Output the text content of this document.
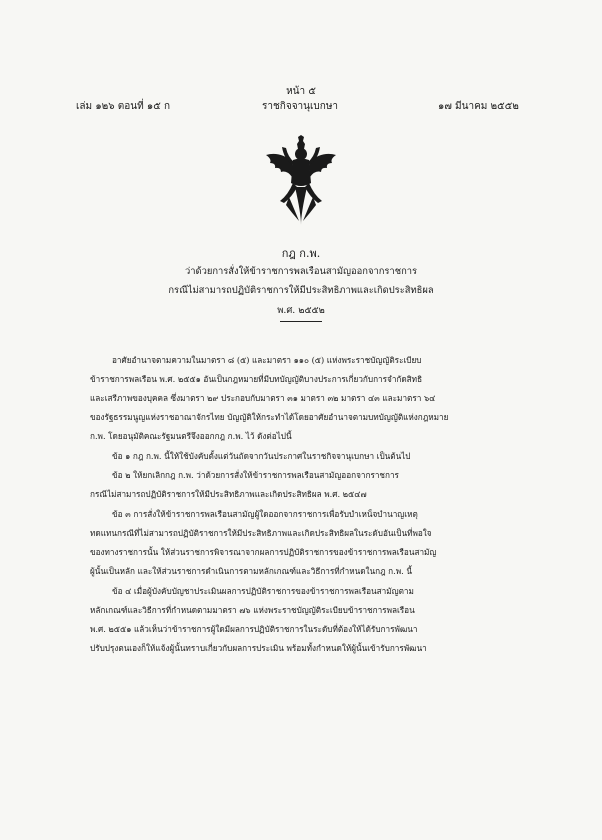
หน้า ๕
เล่ม ๑๒๖ ตอนที่ ๑๕ ก	ราชกิจจานุเบกษา	๑๗ มีนาคม ๒๕๕๒
กฎ ก.พ.
ว่าด้วยการสั่งให้ข้าราชการพลเรือนสามัญออกจากราชการ
กรณีไม่สามารถปฏิบัติราชการให้มีประสิทธิภาพและเกิดประสิทธิผล
พ.ศ. ๒๕๕๒
อาศัยอำนาจตามความในมาตรา ๘ (๕) และมาตรา ๑๑๐ (๕) แห่งพระราชบัญญัติระเบียบ
ข้าราชการพลเรือน พ.ศ. ๒๕๕๑ อันเป็นกฎหมายที่มีบทบัญญัติบางประการเกี่ยวกับการจำกัดสิทธิ
และเสรีภาพของบุคคล ซึ่งมาตรา ๒๙ ประกอบกับมาตรา ๓๑ มาตรา ๓๒ มาตรา ๔๓ และมาตรา ๖๔
ของรัฐธรรมนูญแห่งราชอาณาจักรไทย บัญญัติให้กระทำได้โดยอาศัยอำนาจตามบทบัญญัติแห่งกฎหมาย
ก.พ. โดยอนุมัติคณะรัฐมนตรีจึงออกกฎ ก.พ. ไว้ ดังต่อไปนี้
ข้อ ๑ กฎ ก.พ. นี้ให้ใช้บังคับตั้งแต่วันถัดจากวันประกาศในราชกิจจานุเบกษา เป็นต้นไป
ข้อ ๒ ให้ยกเลิกกฎ ก.พ. ว่าด้วยการสั่งให้ข้าราชการพลเรือนสามัญออกจากราชการ
กรณีไม่สามารถปฏิบัติราชการให้มีประสิทธิภาพและเกิดประสิทธิผล พ.ศ. ๒๕๔๗
ข้อ ๓ การสั่งให้ข้าราชการพลเรือนสามัญผู้ใดออกจากราชการเพื่อรับบำเหน็จบำนาญเหตุ
ทดแทนกรณีที่ไม่สามารถปฏิบัติราชการให้มีประสิทธิภาพและเกิดประสิทธิผลในระดับอันเป็นที่พอใจ
ของทางราชการนั้น ให้ส่วนราชการพิจารณาจากผลการปฏิบัติราชการของข้าราชการพลเรือนสามัญ
ผู้นั้นเป็นหลัก และให้ส่วนราชการดำเนินการตามหลักเกณฑ์และวิธีการที่กำหนดในกฎ ก.พ. นี้
ข้อ ๔ เมื่อผู้บังคับบัญชาประเมินผลการปฏิบัติราชการของข้าราชการพลเรือนสามัญตาม
หลักเกณฑ์และวิธีการที่กำหนดตามมาตรา ๗๖ แห่งพระราชบัญญัติระเบียบข้าราชการพลเรือน
พ.ศ. ๒๕๕๑ แล้วเห็นว่าข้าราชการผู้ใดมีผลการปฏิบัติราชการในระดับที่ต้องให้ได้รับการพัฒนา
ปรับปรุงตนเองก็ให้แจ้งผู้นั้นทราบเกี่ยวกับผลการประเมิน พร้อมทั้งกำหนดให้ผู้นั้นเข้ารับการพัฒนา
